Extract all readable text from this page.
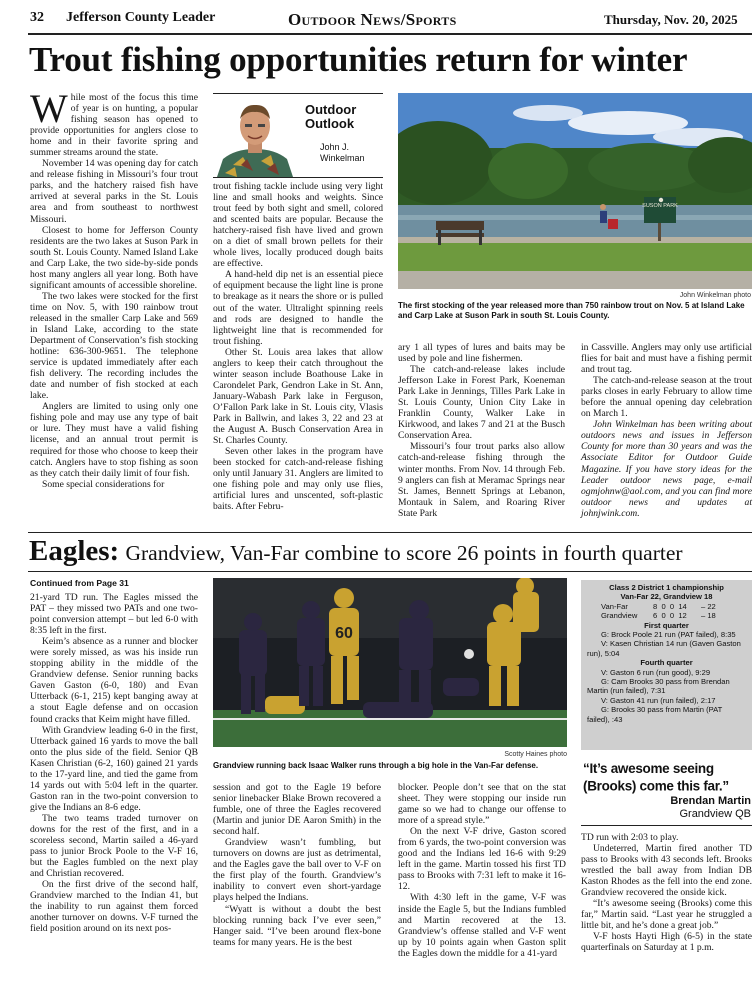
32 Jefferson County Leader	Outdoor News/Sports	Thursday, Nov. 20, 2025
Trout fishing opportunities return for winter

While most of the focus this time of year is on hunting, a popular fishing season has opened to provide opportunities for anglers close to home and in their favorite spring and summer streams around the state.

November 14 was opening day for catch and release fishing in Missouri’s four trout parks, and the hatchery raised fish have arrived at several parks in the St. Louis area and from southeast to northwest Missouri.

Closest to home for Jefferson County residents are the two lakes at Suson Park in south St. Louis County. Named Island Lake and Carp Lake, the two side-by-side ponds host many anglers all year long. Both have significant amounts of accessible shoreline.

The two lakes were stocked for the first time on Nov. 5, with 190 rainbow trout released in the smaller Carp Lake and 569 in Island Lake, according to the state Department of Conservation’s fish stocking hotline: 636-300-9651. The telephone service is updated immediately after each fish delivery. The recording includes the date and number of fish stocked at each lake.

Anglers are limited to using only one fishing pole and may use any type of bait or lure. They must have a valid fishing license, and an annual trout permit is required for those who choose to keep their catch. Anglers have to stop fishing as soon as they catch their daily limit of four fish.

Some special considerations for

Outdoor
Outlook
John J.
Winkelman

trout fishing tackle include using very light line and small hooks and weights. Since trout feed by both sight and smell, colored and scented baits are popular. Because the hatchery-raised fish have lived and grown on a diet of small brown pellets for their whole lives, locally produced dough baits are effective.

A hand-held dip net is an essential piece of equipment because the light line is prone to breakage as it nears the shore or is pulled out of the water. Ultralight spinning reels and rods are designed to handle the lightweight line that is recommended for trout fishing.

Other St. Louis area lakes that allow anglers to keep their catch throughout the winter season include Boathouse Lake in Carondelet Park, Gendron Lake in St. Ann, January-Wabash Park lake in Ferguson, O’Fallon Park lake in St. Louis city, Vlasis Park in Ballwin, and lakes 3, 22 and 23 at the August A. Busch Conservation Area in St. Charles County.

Seven other lakes in the program have been stocked for catch-and-release fishing only until January 31. Anglers are limited to one fishing pole and may only use flies, artificial lures and unscented, soft-plastic baits. After Febru-

SUSON PARK
John Winkelman photo
The first stocking of the year released more than 750 rainbow trout on Nov. 5 at Island Lake and Carp Lake at Suson Park in south St. Louis County.

ary 1 all types of lures and baits may be used by pole and line fishermen.

The catch-and-release lakes include Jefferson Lake in Forest Park, Koeneman Park Lake in Jennings, Tilles Park Lake in St. Louis County, Union City Lake in Franklin County, Walker Lake in Kirkwood, and lakes 7 and 21 at the Busch Conservation Area.

Missouri’s four trout parks also allow catch-and-release fishing through the winter months. From Nov. 14 through Feb. 9 anglers can fish at Meramac Springs near St. James, Bennett Springs at Lebanon, Montauk in Salem, and Roaring River State Park

in Cassville. Anglers may only use artificial flies for bait and must have a fishing permit and trout tag.

The catch-and-release season at the trout parks closes in early February to allow time before the annual opening day celebration on March 1.

John Winkelman has been writing about outdoors news and issues in Jefferson County for more than 30 years and was the Associate Editor for Outdoor Guide Magazine. If you have story ideas for the Leader outdoor news page, e-mail ogmjohnw@aol.com, and you can find more outdoor news and updates at johnjwink.com.

Eagles: Grandview, Van-Far combine to score 26 points in fourth quarter
Continued from Page 31

21-yard TD run. The Eagles missed the PAT – they missed two PATs and one two-point conversion attempt – but led 6-0 with 8:35 left in the first.

Keim’s absence as a runner and blocker were sorely missed, as was his inside run stopping ability in the middle of the Grandview defense. Senior running backs Gaven Gaston (6-0, 180) and Evan Utterback (6-1, 215) kept banging away at a stout Eagle defense and on occasion found cracks that Keim might have filled.

With Grandview leading 6-0 in the first, Utterback gained 16 yards to move the ball onto the plus side of the field. Senior QB Kasen Christian (6-2, 160) gained 21 yards to the 17-yard line, and tied the game from 14 yards out with 5:04 left in the quarter. Gaston ran in the two-point conversion to give the Indians an 8-6 edge.

The two teams traded turnover on downs for the rest of the first, and in a scoreless second, Martin sailed a 46-yard pass to junior Brock Poole to the V-F 16, but the Eagles fumbled on the next play and Christian recovered.

On the first drive of the second half, Grandview marched to the Indian 41, but the inability to run against them forced another turnover on downs. V-F turned the field position around on its next pos-

60
Scotty Haines photo
Grandview running back Isaac Walker runs through a big hole in the Van-Far defense.

session and got to the Eagle 19 before senior linebacker Blake Brown recovered a fumble, one of three the Eagles recovered (Martin and junior DE Aaron Smith) in the second half.

Grandview wasn’t fumbling, but turnovers on downs are just as detrimental, and the Eagles gave the ball over to V-F on the first play of the fourth. Grandview’s inability to convert even short-yardage plays helped the Indians.

“Wyatt is without a doubt the best blocking running back I’ve ever seen,” Hanger said. “I’ve been around flex-bone teams for many years. He is the best

blocker. People don’t see that on the stat sheet. They were stopping our inside run game so we had to change our offense to more of a spread style.”

On the next V-F drive, Gaston scored from 6 yards, the two-point conversion was good and the Indians led 16-6 with 9:29 left in the game. Martin tossed his first TD pass to Brooks with 7:31 left to make it 16-12.

With 4:30 left in the game, V-F was inside the Eagle 5, but the Indians fumbled and Martin recovered at the 13. Grandview’s offense stalled and V-F went up by 10 points again when Gaston split the Eagles down the middle for a 41-yard

Class 2 District 1 championship
Van-Far 22, Grandview 18
Van-Far	8  0  0  14	– 22
Grandview	6  0  0  12	– 18
First quarter
G: Brock Poole 21 run (PAT failed), 8:35
V: Kasen Christian 14 run (Gaven Gaston run), 5:04
Fourth quarter
V: Gaston 6 run (run good), 9:29
G: Cam Brooks 30 pass from Brendan Martin (run failed), 7:31
V: Gaston 41 run (run failed), 2:17
G: Brooks 30 pass from Martin (PAT failed), :43
“It’s awesome seeing
(Brooks) come this far.”
Brendan Martin
Grandview QB

TD run with 2:03 to play.

Undeterred, Martin fired another TD pass to Brooks with 43 seconds left. Brooks wrestled the ball away from Indian DB Kaston Rhodes as the fell into the end zone. Grandview recovered the onside kick.

“It’s awesome seeing (Brooks) come this far,” Martin said. “Last year he struggled a little bit, and he’s done a great job.”

V-F hosts Hayti High (6-5) in the state quarterfinals on Saturday at 1 p.m.
